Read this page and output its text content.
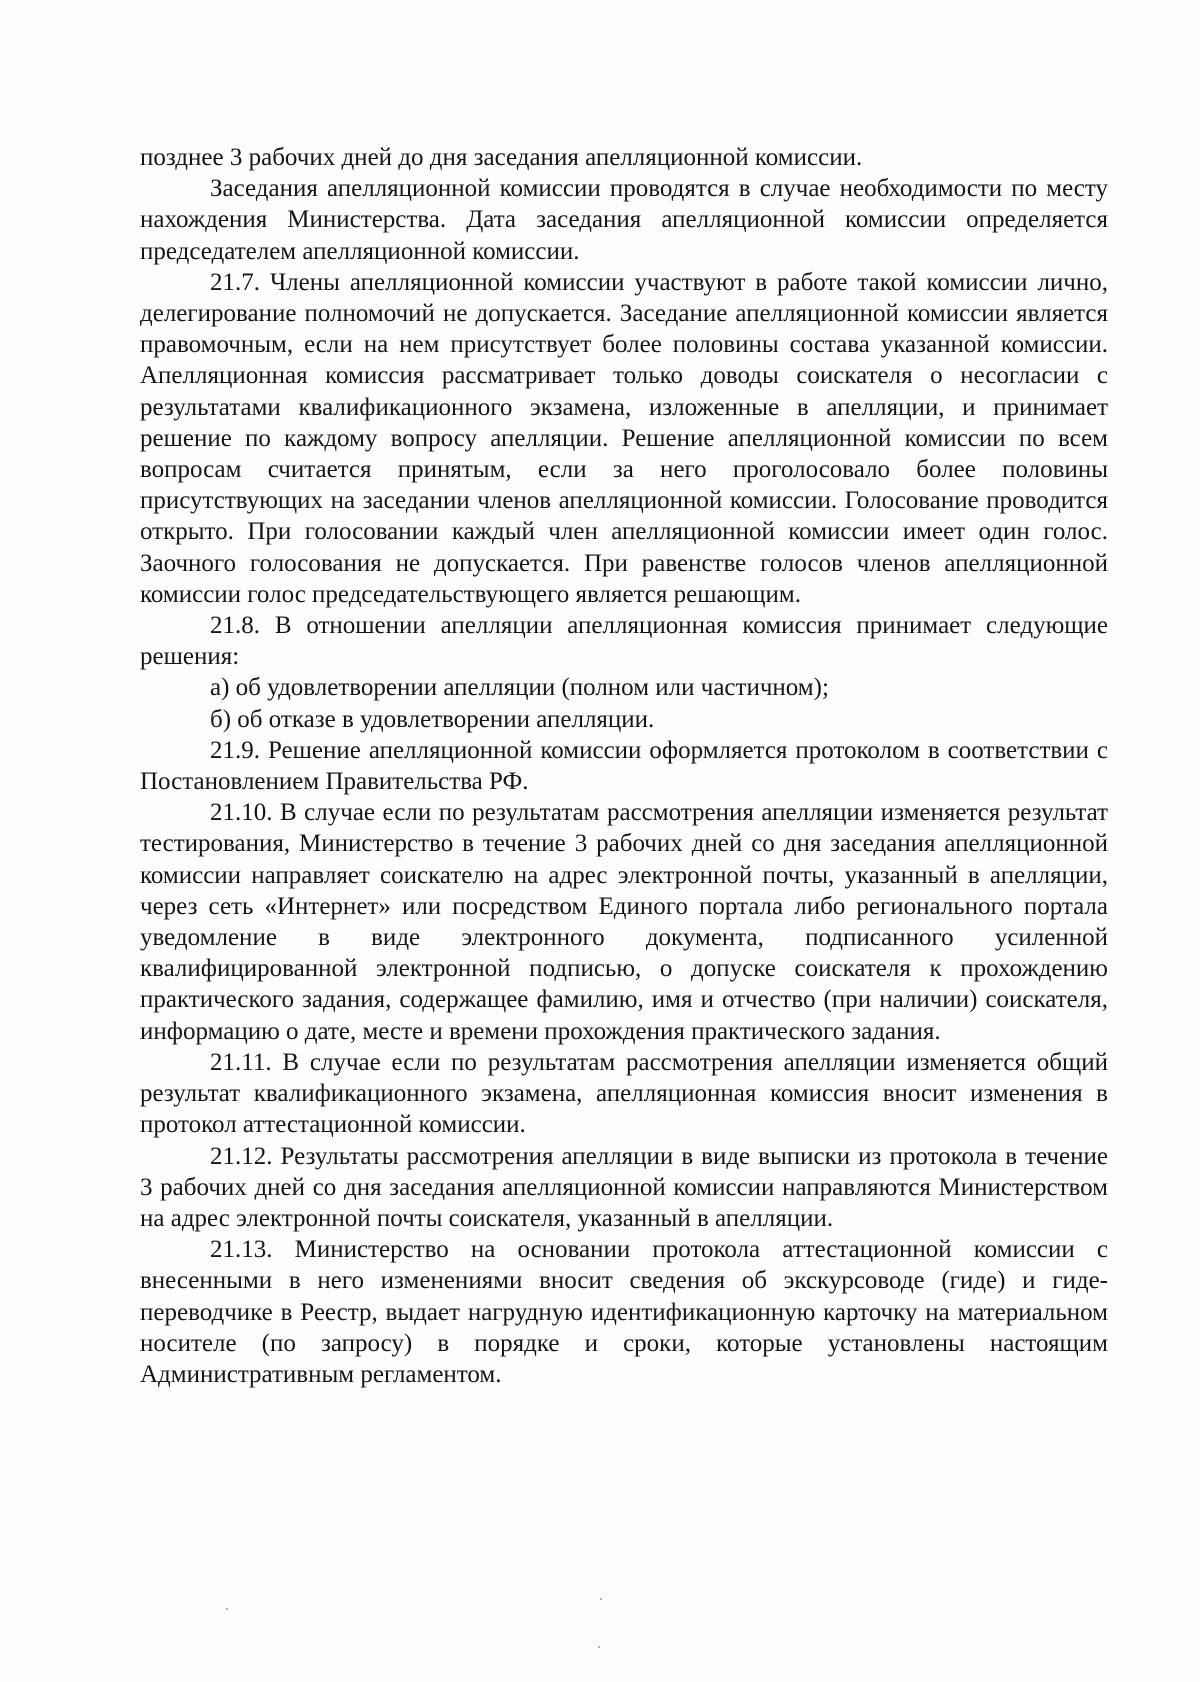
позднее 3 рабочих дней до дня заседания апелляционной комиссии.

Заседания апелляционной комиссии проводятся в случае необходимости по месту нахождения Министерства. Дата заседания апелляционной комиссии определяется председателем апелляционной комиссии.

21.7. Члены апелляционной комиссии участвуют в работе такой комиссии лично, делегирование полномочий не допускается. Заседание апелляционной комиссии является правомочным, если на нем присутствует более половины состава указанной комиссии. Апелляционная комиссия рассматривает только доводы соискателя о несогласии с результатами квалификационного экзамена, изложенные в апелляции, и принимает решение по каждому вопросу апелляции. Решение апелляционной комиссии по всем вопросам считается принятым, если за него проголосовало более половины присутствующих на заседании членов апелляционной комиссии. Голосование проводится открыто. При голосовании каждый член апелляционной комиссии имеет один голос. Заочного голосования не допускается. При равенстве голосов членов апелляционной комиссии голос председательствующего является решающим.

21.8. В отношении апелляции апелляционная комиссия принимает следующие решения:

а) об удовлетворении апелляции (полном или частичном);

б) об отказе в удовлетворении апелляции.

21.9. Решение апелляционной комиссии оформляется протоколом в соответствии с Постановлением Правительства РФ.

21.10. В случае если по результатам рассмотрения апелляции изменяется результат тестирования, Министерство в течение 3 рабочих дней со дня заседания апелляционной комиссии направляет соискателю на адрес электронной почты, указанный в апелляции, через сеть «Интернет» или посредством Единого портала либо регионального портала уведомление в виде электронного документа, подписанного усиленной квалифицированной электронной подписью, о допуске соискателя к прохождению практического задания, содержащее фамилию, имя и отчество (при наличии) соискателя, информацию о дате, месте и времени прохождения практического задания.

21.11. В случае если по результатам рассмотрения апелляции изменяется общий результат квалификационного экзамена, апелляционная комиссия вносит изменения в протокол аттестационной комиссии.

21.12. Результаты рассмотрения апелляции в виде выписки из протокола в течение 3 рабочих дней со дня заседания апелляционной комиссии направляются Министерством на адрес электронной почты соискателя, указанный в апелляции.

21.13. Министерство на основании протокола аттестационной комиссии с внесенными в него изменениями вносит сведения об экскурсоводе (гиде) и гиде-переводчике в Реестр, выдает нагрудную идентификационную карточку на материальном носителе (по запросу) в порядке и сроки, которые установлены настоящим Административным регламентом.
